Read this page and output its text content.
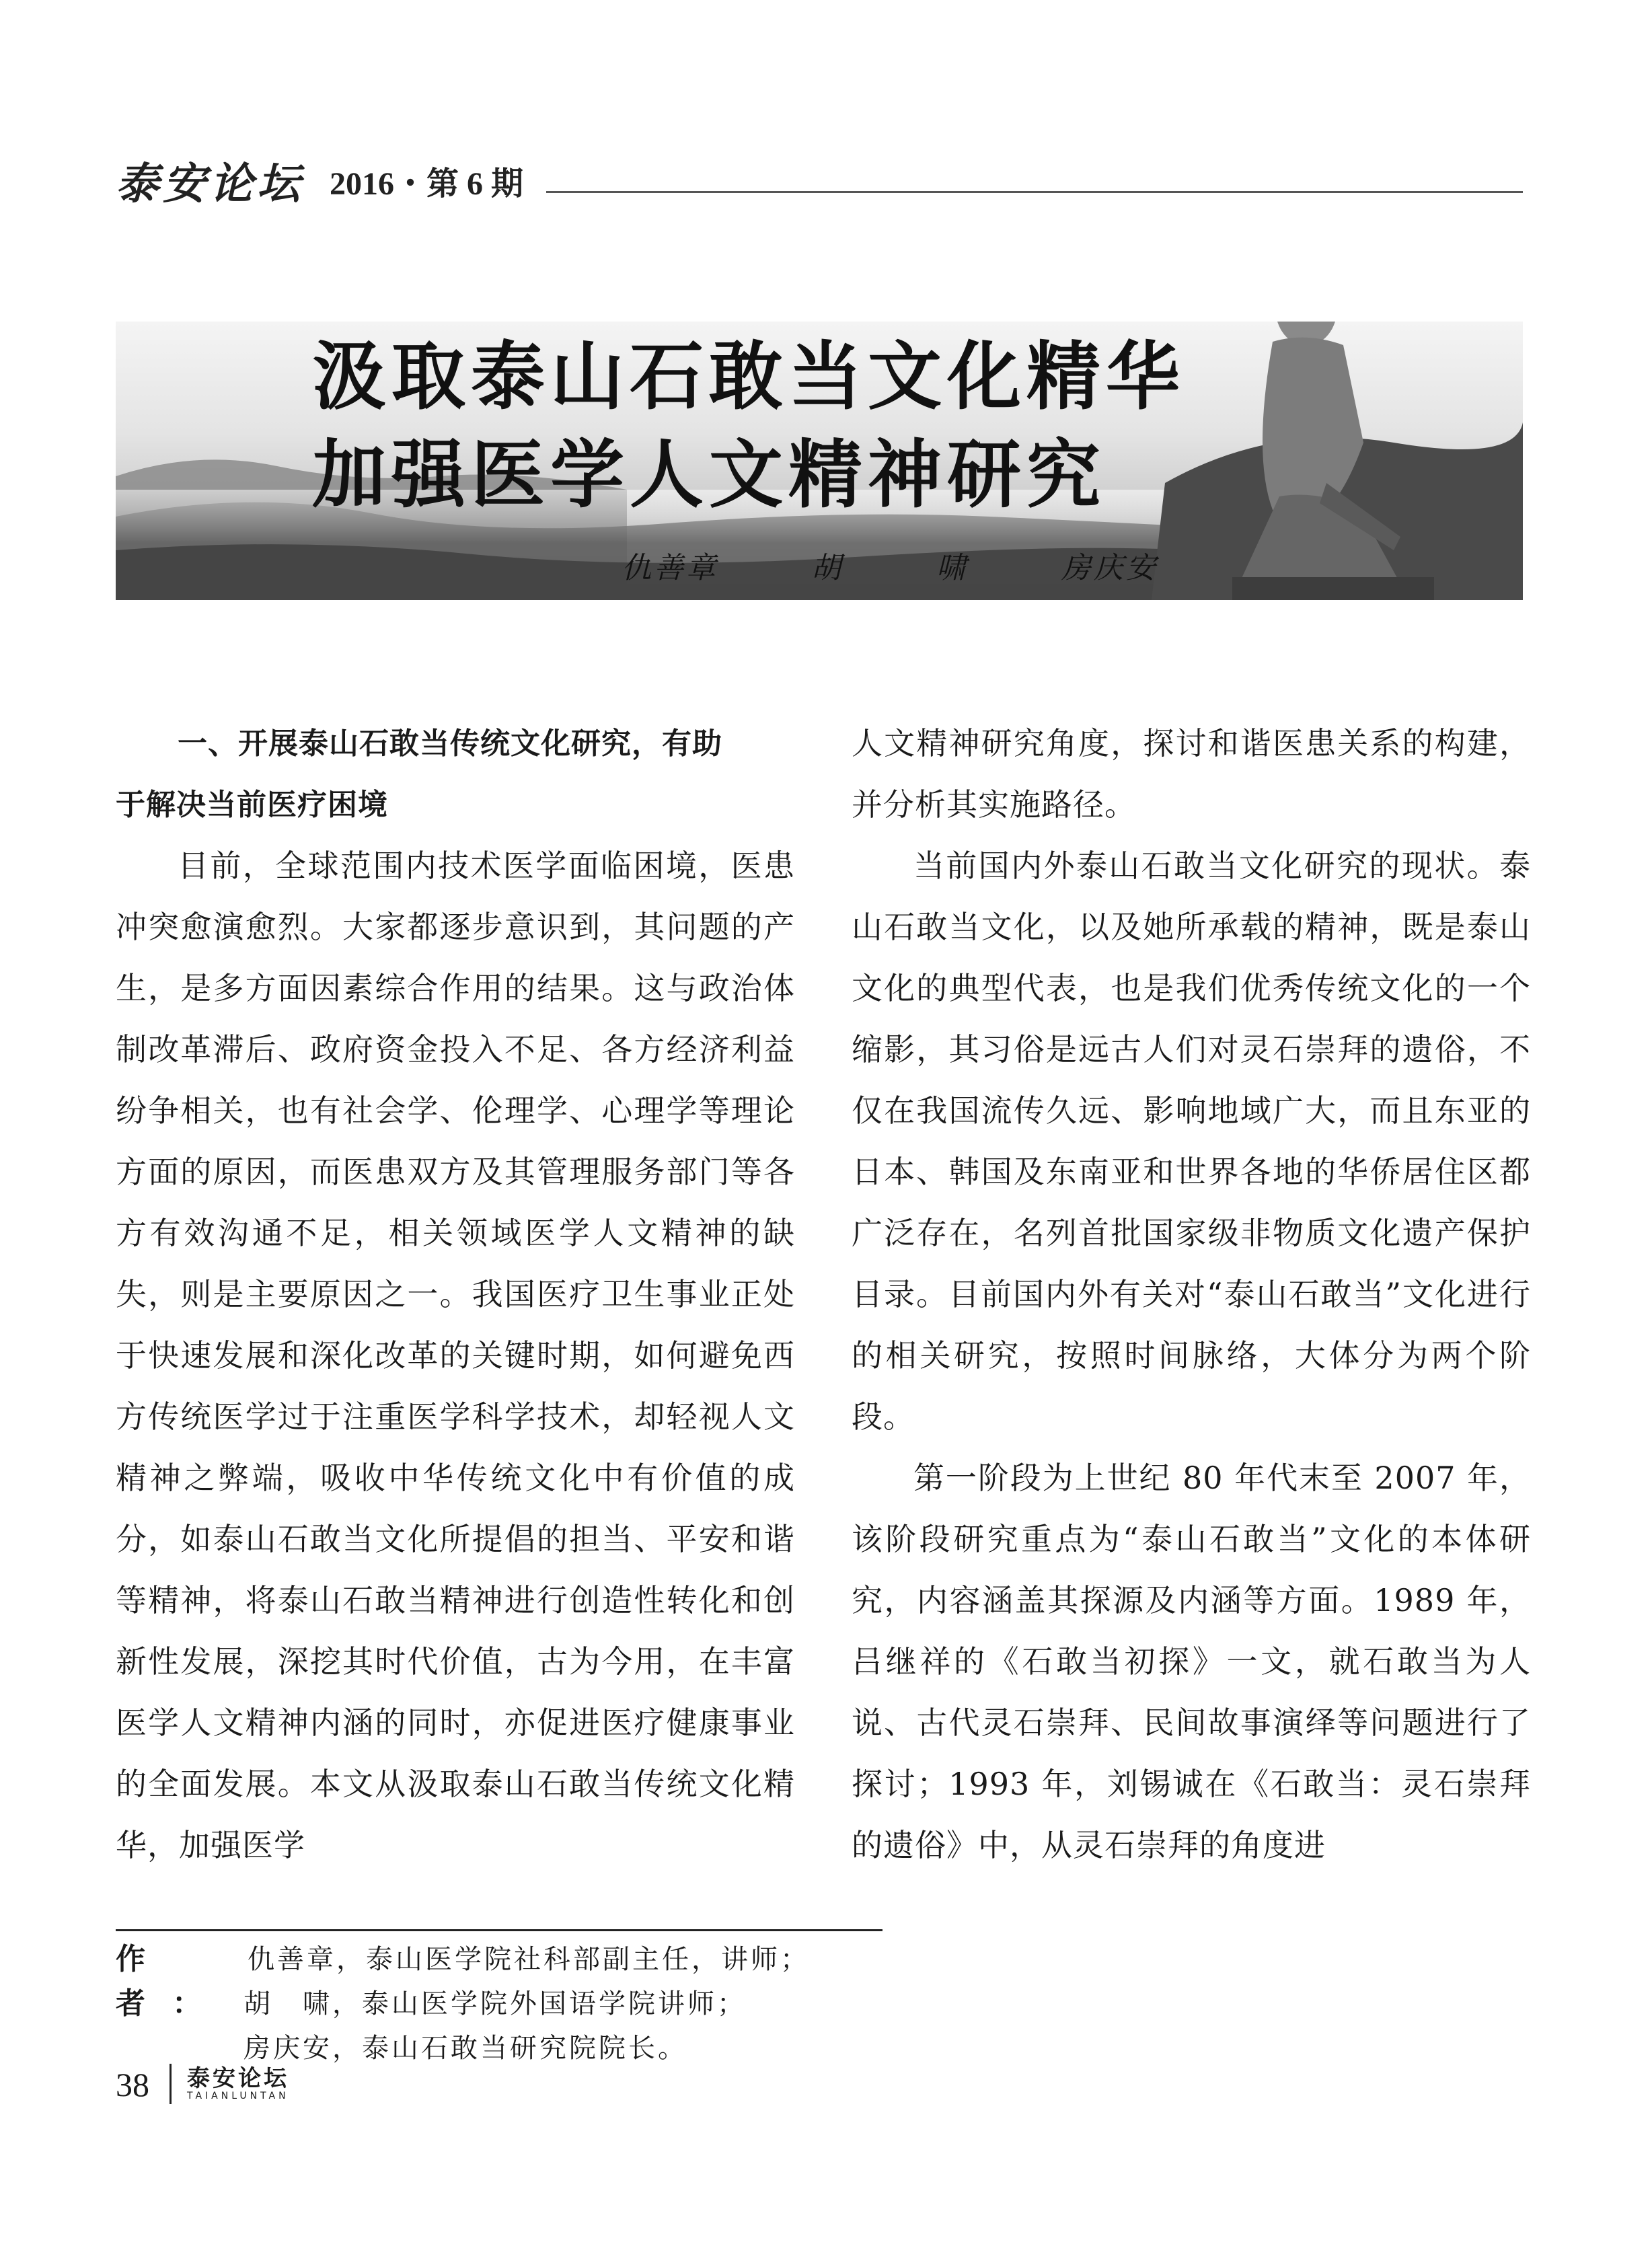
泰安论坛 2016・第 6 期
汲取泰山石敢当文化精华
加强医学人文精神研究
仇善章   胡   啸   房庆安

一、开展泰山石敢当传统文化研究，有助

于解决当前医疗困境

目前，全球范围内技术医学面临困境，医患冲突愈演愈烈。大家都逐步意识到，其问题的产生，是多方面因素综合作用的结果。这与政治体制改革滞后、政府资金投入不足、各方经济利益纷争相关，也有社会学、伦理学、心理学等理论方面的原因，而医患双方及其管理服务部门等各方有效沟通不足，相关领域医学人文精神的缺失，则是主要原因之一。我国医疗卫生事业正处于快速发展和深化改革的关键时期，如何避免西方传统医学过于注重医学科学技术，却轻视人文精神之弊端，吸收中华传统文化中有价值的成分，如泰山石敢当文化所提倡的担当、平安和谐等精神，将泰山石敢当精神进行创造性转化和创新性发展，深挖其时代价值，古为今用，在丰富医学人文精神内涵的同时，亦促进医疗健康事业的全面发展。本文从汲取泰山石敢当传统文化精华，加强医学

人文精神研究角度，探讨和谐医患关系的构建，并分析其实施路径。

当前国内外泰山石敢当文化研究的现状。泰山石敢当文化，以及她所承载的精神，既是泰山文化的典型代表，也是我们优秀传统文化的一个缩影，其习俗是远古人们对灵石崇拜的遗俗，不仅在我国流传久远、影响地域广大，而且东亚的日本、韩国及东南亚和世界各地的华侨居住区都广泛存在，名列首批国家级非物质文化遗产保护目录。目前国内外有关对“泰山石敢当”文化进行的相关研究，按照时间脉络，大体分为两个阶段。

第一阶段为上世纪 80 年代末至 2007 年，该阶段研究重点为“泰山石敢当”文化的本体研究，内容涵盖其探源及内涵等方面。1989 年，吕继祥的《石敢当初探》一文，就石敢当为人说、古代灵石崇拜、民间故事演绎等问题进行了探讨；1993 年，刘锡诚在《石敢当：灵石崇拜的遗俗》中，从灵石崇拜的角度进

作 者：
仇善章，泰山医学院社科部副主任，讲师；
胡　啸，泰山医学院外国语学院讲师；
房庆安，泰山石敢当研究院院长。
38 泰安论坛
TAIANLUNTAN
